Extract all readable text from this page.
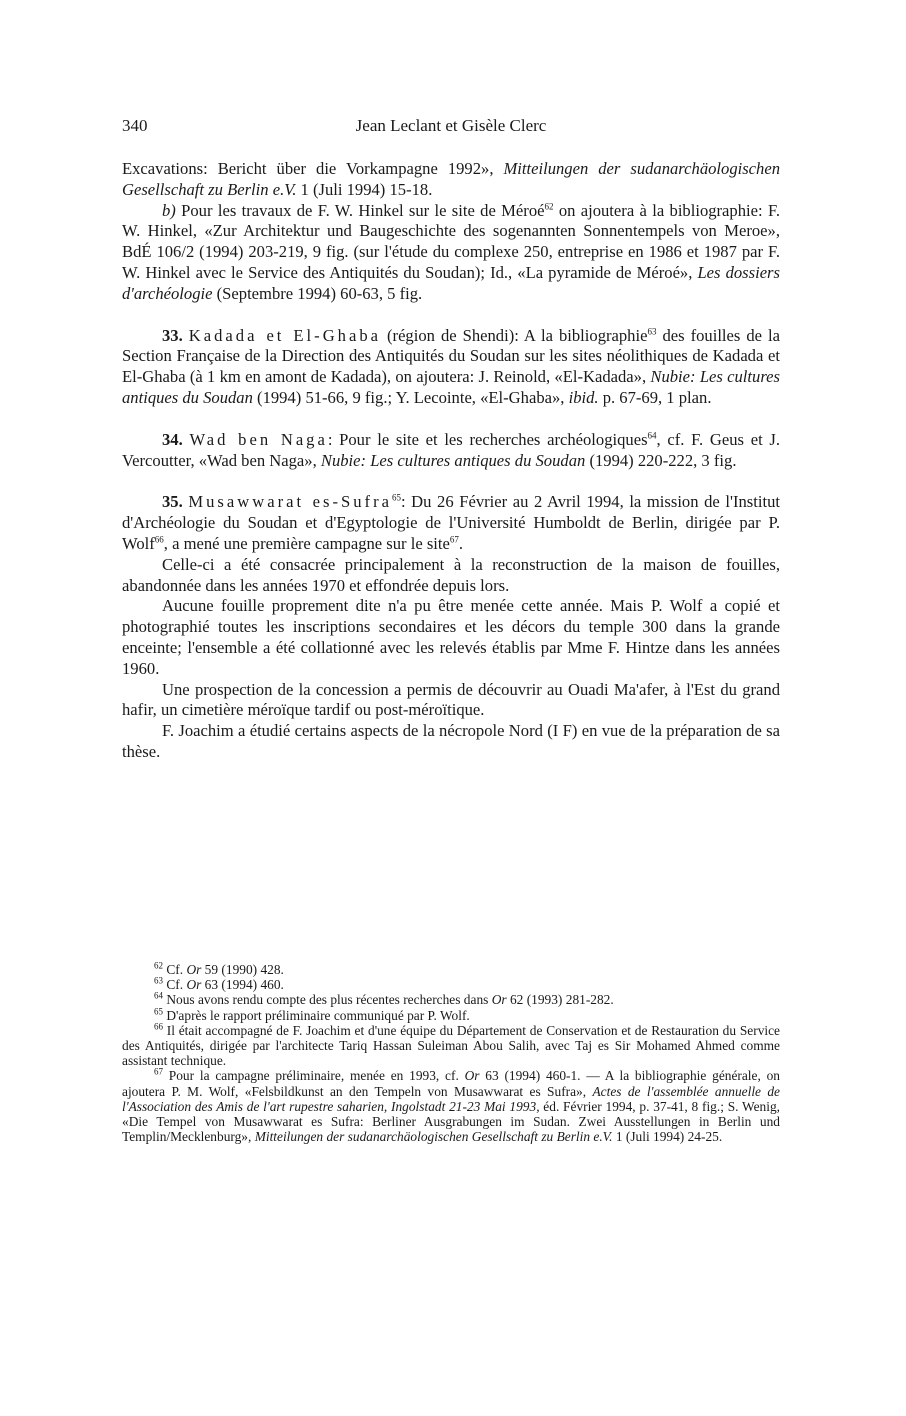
340	Jean Leclant et Gisèle Clerc

Excavations: Bericht über die Vorkampagne 1992», Mitteilungen der sudanarchäologischen Gesellschaft zu Berlin e.V. 1 (Juli 1994) 15-18.

b) Pour les travaux de F. W. Hinkel sur le site de Méroé$^{62}$ on ajoutera à la bibliographie: F. W. Hinkel, «Zur Architektur und Baugeschichte des sogenannten Sonnentempels von Meroe», BdÉ 106/2 (1994) 203-219, 9 fig. (sur l'étude du complexe 250, entreprise en 1986 et 1987 par F. W. Hinkel avec le Service des Antiquités du Soudan); Id., «La pyramide de Méroé», Les dossiers d'archéologie (Septembre 1994) 60-63, 5 fig.

33. Kadada et El-Ghaba (région de Shendi): A la bibliographie$^{63}$ des fouilles de la Section Française de la Direction des Antiquités du Soudan sur les sites néolithiques de Kadada et El-Ghaba (à 1 km en amont de Kadada), on ajoutera: J. Reinold, «El-Kadada», Nubie: Les cultures antiques du Soudan (1994) 51-66, 9 fig.; Y. Lecointe, «El-Ghaba», ibid. p. 67-69, 1 plan.

34. Wad ben Naga: Pour le site et les recherches archéologiques$^{64}$, cf. F. Geus et J. Vercoutter, «Wad ben Naga», Nubie: Les cultures antiques du Soudan (1994) 220-222, 3 fig.

35. Musawwarat es-Sufra$^{65}$: Du 26 Février au 2 Avril 1994, la mission de l'Institut d'Archéologie du Soudan et d'Egyptologie de l'Université Humboldt de Berlin, dirigée par P. Wolf$^{66}$, a mené une première campagne sur le site$^{67}$.

Celle-ci a été consacrée principalement à la reconstruction de la maison de fouilles, abandonnée dans les années 1970 et effondrée depuis lors.

Aucune fouille proprement dite n'a pu être menée cette année. Mais P. Wolf a copié et photographié toutes les inscriptions secondaires et les décors du temple 300 dans la grande enceinte; l'ensemble a été collationné avec les relevés établis par Mme F. Hintze dans les années 1960.

Une prospection de la concession a permis de découvrir au Ouadi Ma'afer, à l'Est du grand hafir, un cimetière méroïque tardif ou post-méroïtique.

F. Joachim a étudié certains aspects de la nécropole Nord (I F) en vue de la préparation de sa thèse.

$^{62}$ Cf. Or 59 (1990) 428.

$^{63}$ Cf. Or 63 (1994) 460.

$^{64}$ Nous avons rendu compte des plus récentes recherches dans Or 62 (1993) 281-282.

$^{65}$ D'après le rapport préliminaire communiqué par P. Wolf.

$^{66}$ Il était accompagné de F. Joachim et d'une équipe du Département de Conservation et de Restauration du Service des Antiquités, dirigée par l'architecte Tariq Hassan Suleiman Abou Salih, avec Taj es Sir Mohamed Ahmed comme assistant technique.

$^{67}$ Pour la campagne préliminaire, menée en 1993, cf. Or 63 (1994) 460-1. — A la bibliographie générale, on ajoutera P. M. Wolf, «Felsbildkunst an den Tempeln von Musawwarat es Sufra», Actes de l'assemblée annuelle de l'Association des Amis de l'art rupestre saharien, Ingolstadt 21-23 Mai 1993, éd. Février 1994, p. 37-41, 8 fig.; S. Wenig, «Die Tempel von Musawwarat es Sufra: Berliner Ausgrabungen im Sudan. Zwei Ausstellungen in Berlin und Templin/Mecklenburg», Mitteilungen der sudanarchäologischen Gesellschaft zu Berlin e.V. 1 (Juli 1994) 24-25.
